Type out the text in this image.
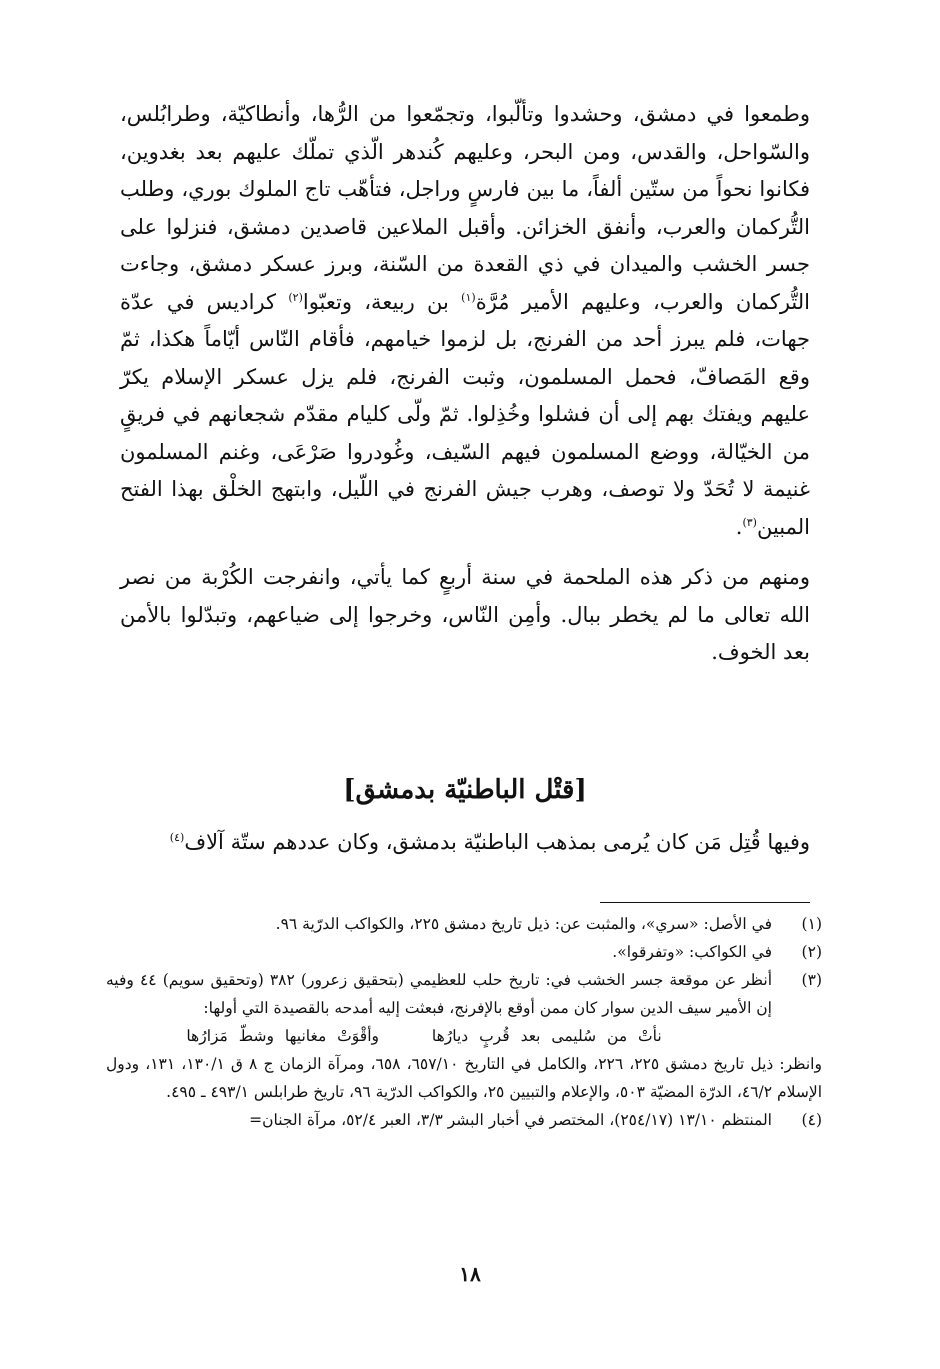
وطمعوا في دمشق، وحشدوا وتألّبوا، وتجمّعوا من الرُّها، وأنطاكيّة، وطرابُلس، والسّواحل، والقدس، ومن البحر، وعليهم كُندهر الّذي تملّك عليهم بعد بغدوين، فكانوا نحواً من ستّين ألفاً، ما بين فارسٍ وراجل، فتأهّب تاج الملوك بوري، وطلب التُّركمان والعرب، وأنفق الخزائن. وأقبل الملاعين قاصدين دمشق، فنزلوا على جسر الخشب والميدان في ذي القعدة من السّنة، وبرز عسكر دمشق، وجاءت التُّركمان والعرب، وعليهم الأمير مُرَّة$^{(١)}$ بن ربيعة، وتعبّوا$^{(٢)}$ كراديس في عدّة جهات، فلم يبرز أحد من الفرنج، بل لزموا خيامهم، فأقام النّاس أيّاماً هكذا، ثمّ وقع المَصافّ، فحمل المسلمون، وثبت الفرنج، فلم يزل عسكر الإسلام يكرّ عليهم ويفتك بهم إلى أن فشلوا وخُذِلوا. ثمّ ولّى كليام مقدّم شجعانهم في فريقٍ من الخيّالة، ووضع المسلمون فيهم السّيف، وغُودروا صَرْعَى، وغنم المسلمون غنيمة لا تُحَدّ ولا توصف، وهرب جيش الفرنج في اللّيل، وابتهج الخلْق بهذا الفتح المبين$^{(٣)}$.

ومنهم من ذكر هذه الملحمة في سنة أربعٍ كما يأتي، وانفرجت الكُرْبة من نصر الله تعالى ما لم يخطر ببال. وأمِن النّاس، وخرجوا إلى ضياعهم، وتبدّلوا بالأمن بعد الخوف.

[قتْل الباطنيّة بدمشق]
وفيها قُتِل مَن كان يُرمى بمذهب الباطنيّة بدمشق، وكان عددهم ستّة آلاف$^{(٤)}$
(١)
في الأصل: «سري»، والمثبت عن: ذيل تاريخ دمشق ٢٢٥، والكواكب الدرّية ٩٦.
(٢)
في الكواكب: «وتفرقوا».
(٣)
أنظر عن موقعة جسر الخشب في: تاريخ حلب للعظيمي (بتحقيق زعرور) ٣٨٢ (وتحقيق سويم) ٤٤ وفيه إن الأمير سيف الدين سوار كان ممن أوقع بالإفرنج، فبعثت إليه أمدحه بالقصيدة التي أولها:
نأتْ من سُليمى بعد قُربٍ ديارُها    وأقْوَتْ مغانيها وشطّ مَزارُها
وانظر: ذيل تاريخ دمشق ٢٢٥، ٢٢٦، والكامل في التاريخ ٦٥٧/١٠، ٦٥٨، ومرآة الزمان ج ٨ ق ١٣٠/١، ١٣١، ودول الإسلام ٤٦/٢، الدرّة المضيّة ٥٠٣، والإعلام والتبيين ٢٥، والكواكب الدرّية ٩٦، تاريخ طرابلس ٤٩٣/١ ـ ٤٩٥.
(٤)
المنتظم ١٣/١٠ (٢٥٤/١٧)، المختصر في أخبار البشر ٣/٣، العبر ٥٢/٤، مرآة الجنان=
١٨
